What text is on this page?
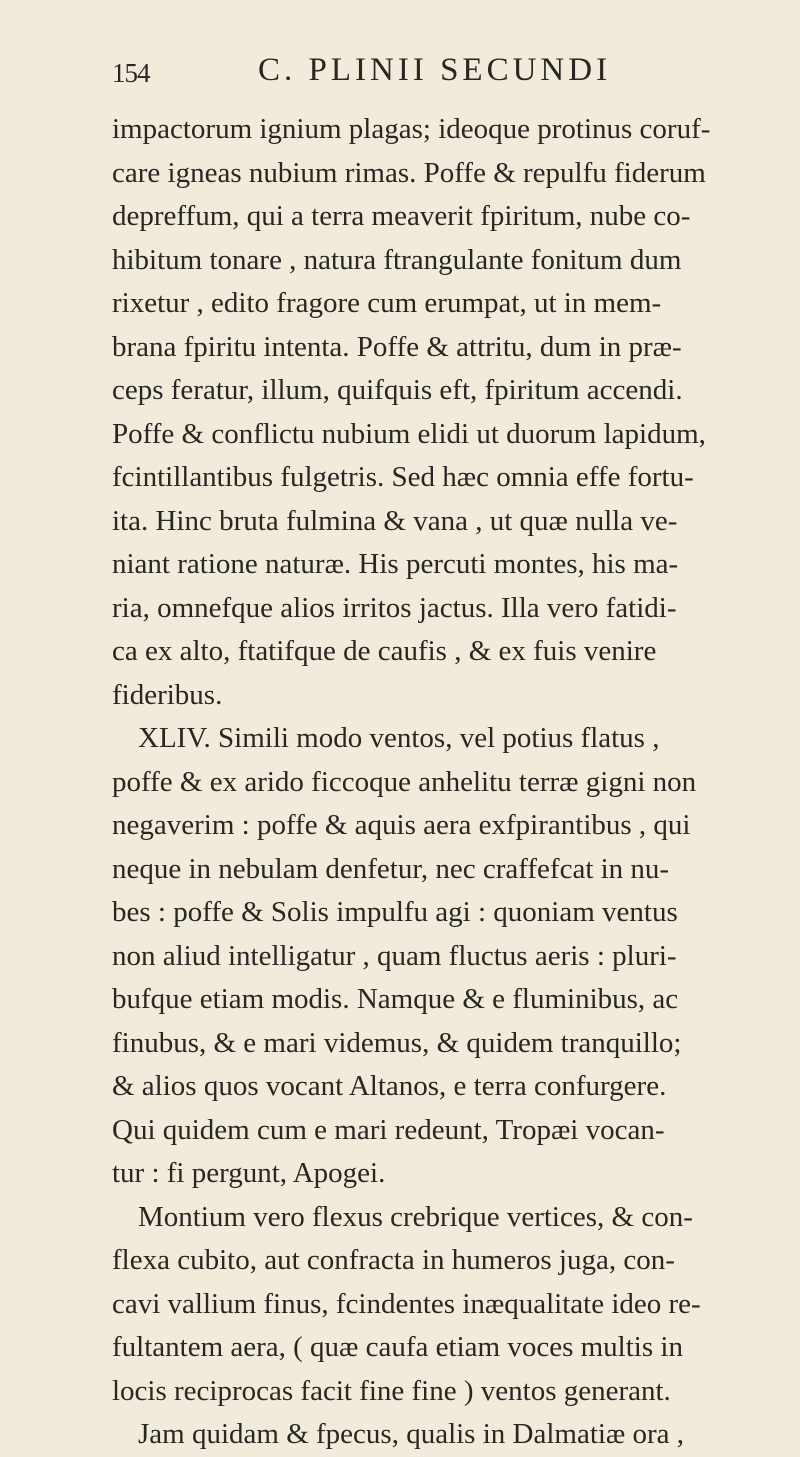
154	C. PLINII SECUNDI
impactorum ignium plagas; ideoque protinus coruf-
care igneas nubium rimas. Poffe & repulfu fiderum
depreffum, qui a terra meaverit fpiritum, nube co-
hibitum tonare , natura ftrangulante fonitum dum
rixetur , edito fragore cum erumpat, ut in mem-
brana fpiritu intenta. Poffe & attritu, dum in præ-
ceps feratur, illum, quifquis eft, fpiritum accendi.
Poffe & conflictu nubium elidi ut duorum lapidum,
fcintillantibus fulgetris. Sed hæc omnia effe fortu-
ita. Hinc bruta fulmina & vana , ut quæ nulla ve-
niant ratione naturæ. His percuti montes, his ma-
ria, omnefque alios irritos jactus. Illa vero fatidi-
ca ex alto, ftatifque de caufis , & ex fuis venire
fideribus.
XLIV. Simili modo ventos, vel potius flatus ,
poffe & ex arido ficcoque anhelitu terræ gigni non
negaverim : poffe & aquis aera exfpirantibus , qui
neque in nebulam denfetur, nec craffefcat in nu-
bes : poffe & Solis impulfu agi : quoniam ventus
non aliud intelligatur , quam fluctus aeris : pluri-
bufque etiam modis. Namque & e fluminibus, ac
finubus, & e mari videmus, & quidem tranquillo;
& alios quos vocant Altanos, e terra confurgere.
Qui quidem cum e mari redeunt, Tropæi vocan-
tur : fi pergunt, Apogei.
Montium vero flexus crebrique vertices, & con-
flexa cubito, aut confracta in humeros juga, con-
cavi vallium finus, fcindentes inæqualitate ideo re-
fultantem aera, ( quæ caufa etiam voces multis in
locis reciprocas facit fine fine ) ventos generant.
Jam quidam & fpecus, qualis in Dalmatiæ ora ,
